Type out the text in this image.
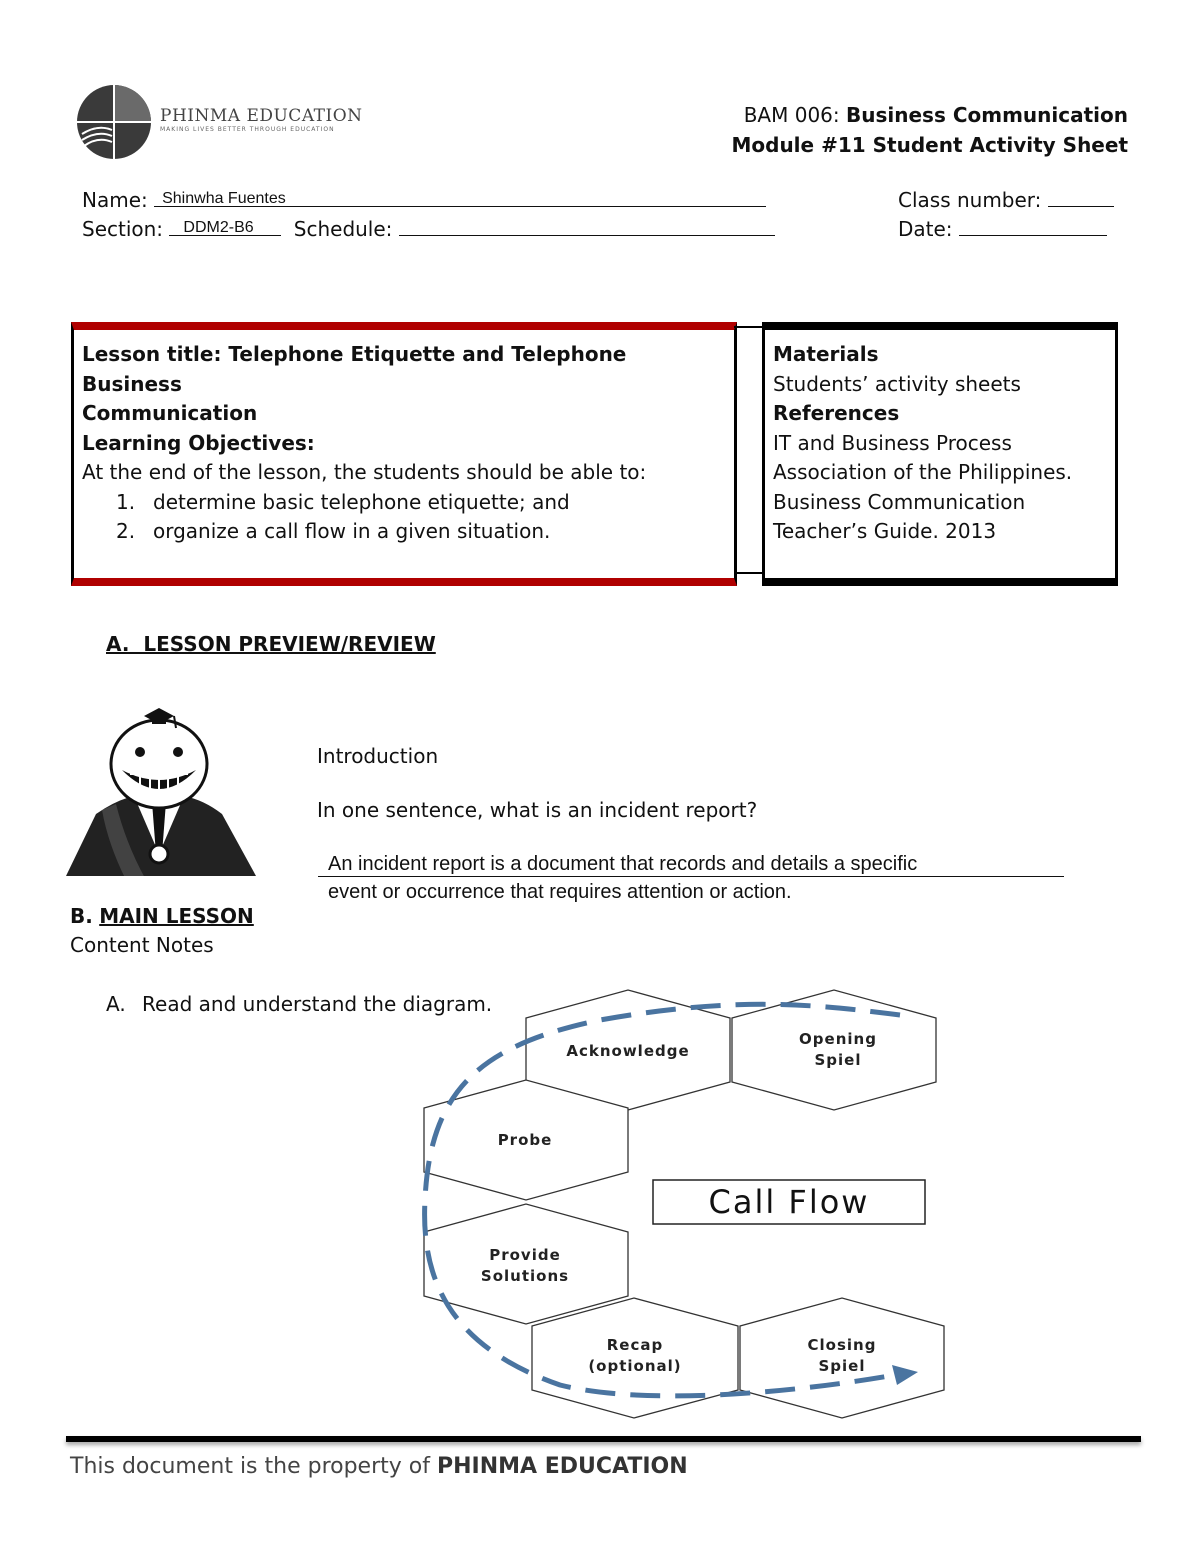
PHINMA EDUCATION
MAKING LIVES BETTER THROUGH EDUCATION
BAM 006: Business Communication
Module #11 Student Activity Sheet
Name: Shinwha Fuentes
Section: DDM2-B6 Schedule:
Class number:
Date:
Lesson title: Telephone Etiquette and Telephone Business
Communication
Learning Objectives:
At the end of the lesson, the students should be able to:
1. determine basic telephone etiquette; and
2. organize a call flow in a given situation.
Materials
Students’ activity sheets
References
IT and Business Process
Association of the Philippines.
Business Communication
Teacher’s Guide. 2013
A.  LESSON PREVIEW/REVIEW
Introduction
In one sentence, what is an incident report?
An incident report is a document that records and details a specific
event or occurrence that requires attention or action.
B. MAIN LESSON
Content Notes
A. Read and understand the diagram.
Acknowledge
Opening
Spiel
Probe
Provide
Solutions
Recap
(optional)
Closing
Spiel
Call Flow
This document is the property of PHINMA EDUCATION
